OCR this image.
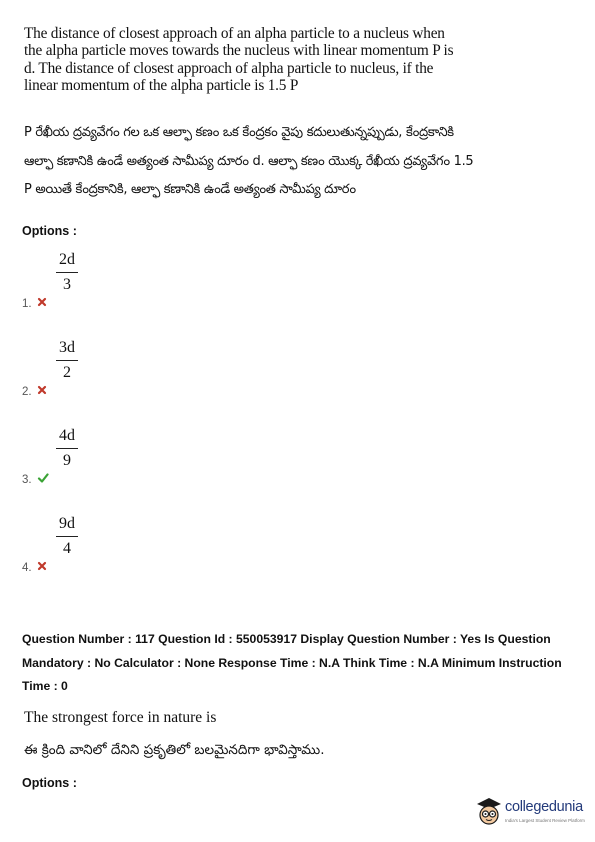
The distance of closest approach of an alpha particle to a nucleus when the alpha particle moves towards the nucleus with linear momentum P is d. The distance of closest approach of alpha particle to nucleus, if the linear momentum of the alpha particle is 1.5 P
P రేఖీయ ద్రవ్యవేగం గల ఒక ఆల్ఫా కణం ఒక కేంద్రకం వైపు కదులుతున్నప్పుడు, కేంద్రకానికి ఆల్ఫా కణానికి ఉండే అత్యంత సామీప్య దూరం d. ఆల్ఫా కణం యొక్క రేఖీయ ద్రవ్యవేగం 1.5 P అయితే కేంద్రకానికి, ఆల్ఫా కణానికి ఉండే అత్యంత సామీప్య దూరం
Options :
1.
2d
3
2.
3d
2
3.
4d
9
4.
9d
4
Question Number : 117 Question Id : 550053917 Display Question Number : Yes Is Question Mandatory : No Calculator : None Response Time : N.A Think Time : N.A Minimum Instruction Time : 0
The strongest force in nature is
ఈ క్రింది వానిలో దేనిని ప్రకృతిలో బలమైనదిగా భావిస్తాము.
Options :
collegedunia
India's Largest Student Review Platform
